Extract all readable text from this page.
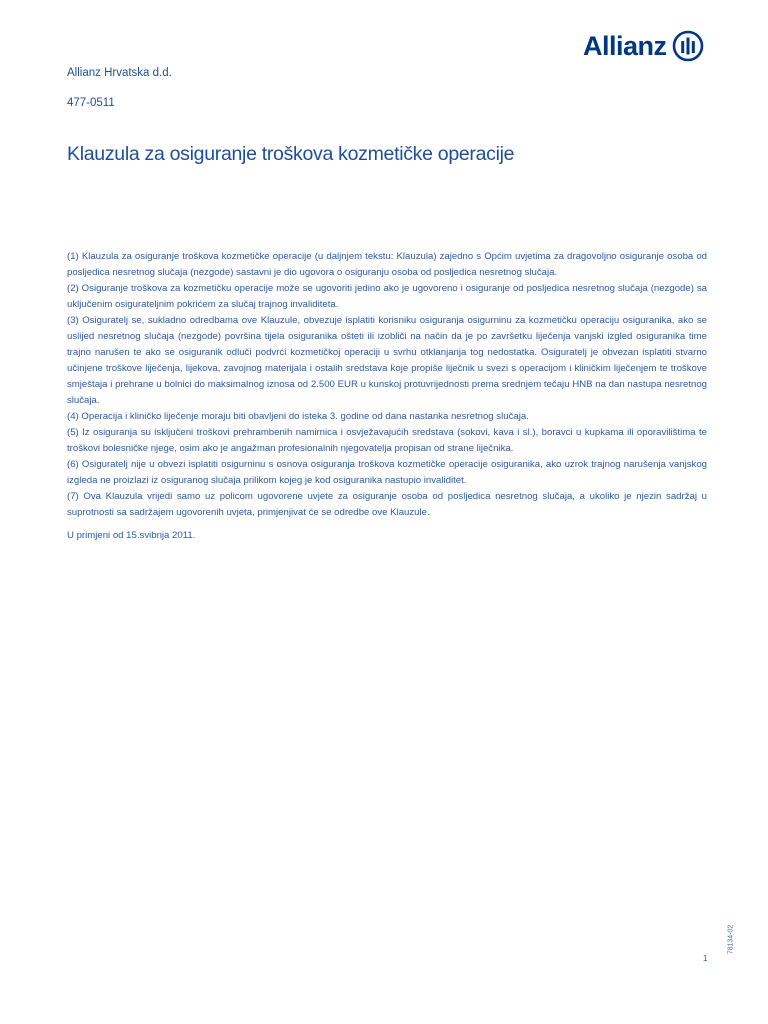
Allianz
Allianz Hrvatska d.d.
477-0511
Klauzula za osiguranje troškova kozmetičke operacije

(1) Klauzula za osiguranje troškova kozmetičke operacije (u daljnjem tekstu: Klauzula) zajedno s Općim uvjetima za dragovoljno osiguranje osoba od posljedica nesretnog slučaja (nezgode) sastavni je dio ugovora o osiguranju osoba od posljedica nesretnog slučaja.

(2) Osiguranje troškova za kozmetičku operacije može se ugovoriti jedino ako je ugovoreno i osiguranje od posljedica nesretnog slučaja (nezgode) sa uključenim osigurateljnim pokrićem za slučaj trajnog invaliditeta.

(3) Osiguratelj se, sukladno odredbama ove Klauzule, obvezuje isplatiti korisniku osiguranja osigurninu za kozmetičku operaciju osiguranika, ako se uslijed nesretnog slučaja (nezgode) površina tijela osiguranika ošteti ili izobliči na način da je po završetku liječenja vanjski izgled osiguranika time trajno narušen te ako se osiguranik odluči podvrći kozmetičkoj operaciji u svrhu otklanjanja tog nedostatka. Osiguratelj je obvezan isplatiti stvarno učinjene troškove liječenja, lijekova, zavojnog materijala i ostalih sredstava koje propiše liječnik u svezi s operacijom i kliničkim liječenjem te troškove smještaja i prehrane u bolnici do maksimalnog iznosa od 2.500 EUR u kunskoj protuvrijednosti prema srednjem tečaju HNB na dan nastupa nesretnog slučaja.

(4) Operacija i kliničko liječenje moraju biti obavljeni do isteka 3. godine od dana nastanka nesretnog slučaja.

(5) Iz osiguranja su isključeni troškovi prehrambenih namirnica i osvježavajućih sredstava (sokovi, kava i sl.), boravci u kupkama ili oporavilištima te troškovi bolesničke njege, osim ako je angažman profesionalnih njegovatelja propisan od strane liječnika.

(6) Osiguratelj nije u obvezi isplatiti osigurninu s osnova osiguranja troškova kozmetičke operacije osiguranika, ako uzrok trajnog narušenja vanjskog izgleda ne proizlazi iz osiguranog slučaja prilikom kojeg je kod osiguranika nastupio invaliditet.

(7) Ova Klauzula vrijedi samo uz policom ugovorene uvjete za osiguranje osoba od posljedica nesretnog slučaja, a ukoliko je njezin sadržaj u suprotnosti sa sadržajem ugovorenih uvjeta, primjenjivat će se odredbe ove Klauzule.

U primjeni od 15.svibnja 2011.
78134-02
1
